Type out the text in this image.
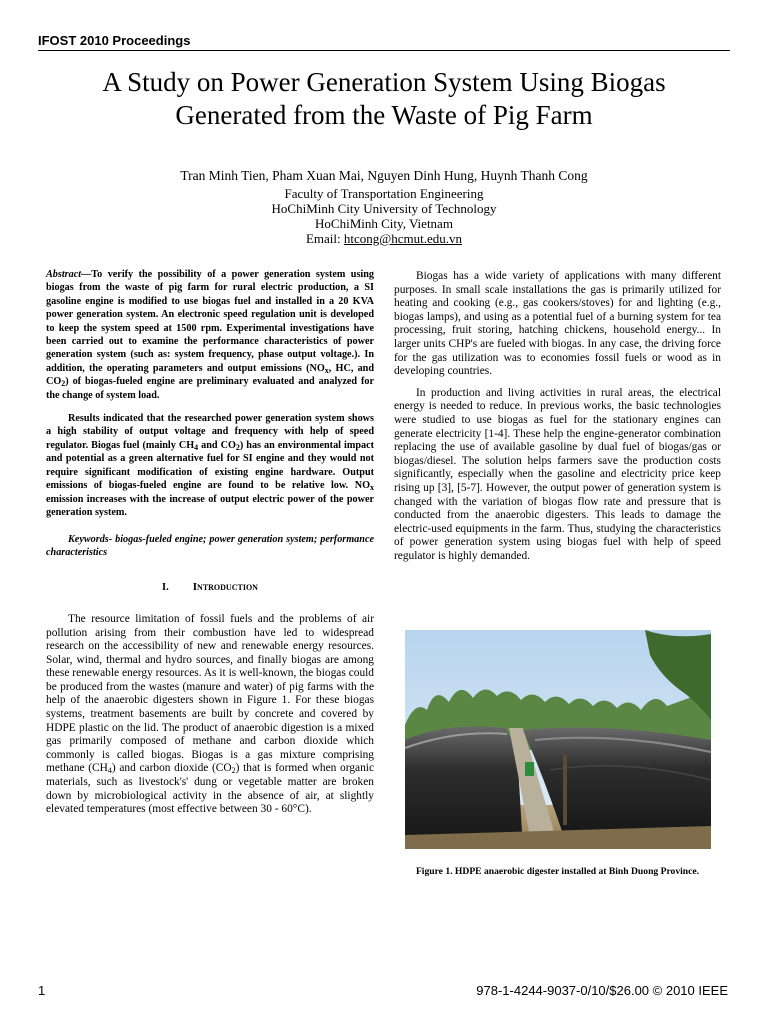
IFOST 2010 Proceedings
A Study on Power Generation System Using Biogas
Generated from the Waste of Pig Farm
Tran Minh Tien, Pham Xuan Mai, Nguyen Dinh Hung, Huynh Thanh Cong
Faculty of Transportation Engineering
HoChiMinh City University of Technology
HoChiMinh City, Vietnam
Email: htcong@hcmut.edu.vn

Abstract—To verify the possibility of a power generation system using biogas from the waste of pig farm for rural electric production, a SI gasoline engine is modified to use biogas fuel and installed in a 20 KVA power generation system. An electronic speed regulation unit is developed to keep the system speed at 1500 rpm. Experimental investigations have been carried out to examine the performance characteristics of power generation system (such as: system frequency, phase output voltage.). In addition, the operating parameters and output emissions ($NO_x$, HC, and $CO_2$) of biogas-fueled engine are preliminary evaluated and analyzed for the change of system load.

Results indicated that the researched power generation system shows a high stability of output voltage and frequency with help of speed regulator. Biogas fuel (mainly $CH_4$ and $CO_2$) has an environmental impact and potential as a green alternative fuel for SI engine and they would not require significant modification of existing engine hardware. Output emissions of biogas-fueled engine are found to be relative low. $NO_x$ emission increases with the increase of output electric power of the power generation system.

Keywords- biogas-fueled engine; power generation system; performance characteristics

I. Introduction

The resource limitation of fossil fuels and the problems of air pollution arising from their combustion have led to widespread research on the accessibility of new and renewable energy resources. Solar, wind, thermal and hydro sources, and finally biogas are among these renewable energy resources. As it is well-known, the biogas could be produced from the wastes (manure and water) of pig farms with the help of the anaerobic digesters shown in Figure 1. For these biogas systems, treatment basements are built by concrete and covered by HDPE plastic on the lid. The product of anaerobic digestion is a mixed gas primarily composed of methane and carbon dioxide which commonly is called biogas. Biogas is a gas mixture comprising methane $(CH_4)$ and carbon dioxide $(CO_2)$ that is formed when organic materials, such as livestock's' dung or vegetable matter are broken down by microbiological activity in the absence of air, at slightly elevated temperatures (most effective between 30 - 60°C).

Biogas has a wide variety of applications with many different purposes. In small scale installations the gas is primarily utilized for heating and cooking (e.g., gas cookers/stoves) for and lighting (e.g., biogas lamps), and using as a potential fuel of a burning system for tea processing, fruit storing, hatching chickens, household energy... In larger units CHP's are fueled with biogas. In any case, the driving force for the gas utilization was to economies fossil fuels or wood as in developing countries.

In production and living activities in rural areas, the electrical energy is needed to reduce. In previous works, the basic technologies were studied to use biogas as fuel for the stationary engines can generate electricity [1-4]. These help the engine-generator combination replacing the use of available gasoline by dual fuel of biogas/gas or biogas/diesel. The solution helps farmers save the production costs significantly, especially when the gasoline and electricity price keep rising up [3], [5-7]. However, the output power of generation system is changed with the variation of biogas flow rate and pressure that is conducted from the anaerobic digesters. This leads to damage the electric-used equipments in the farm. Thus, studying the characteristics of power generation system using biogas fuel with help of speed regulator is highly demanded.

Figure 1. HDPE anaerobic digester installed at Binh Duong Province.
1	978-1-4244-9037-0/10/$26.00 © 2010 IEEE
